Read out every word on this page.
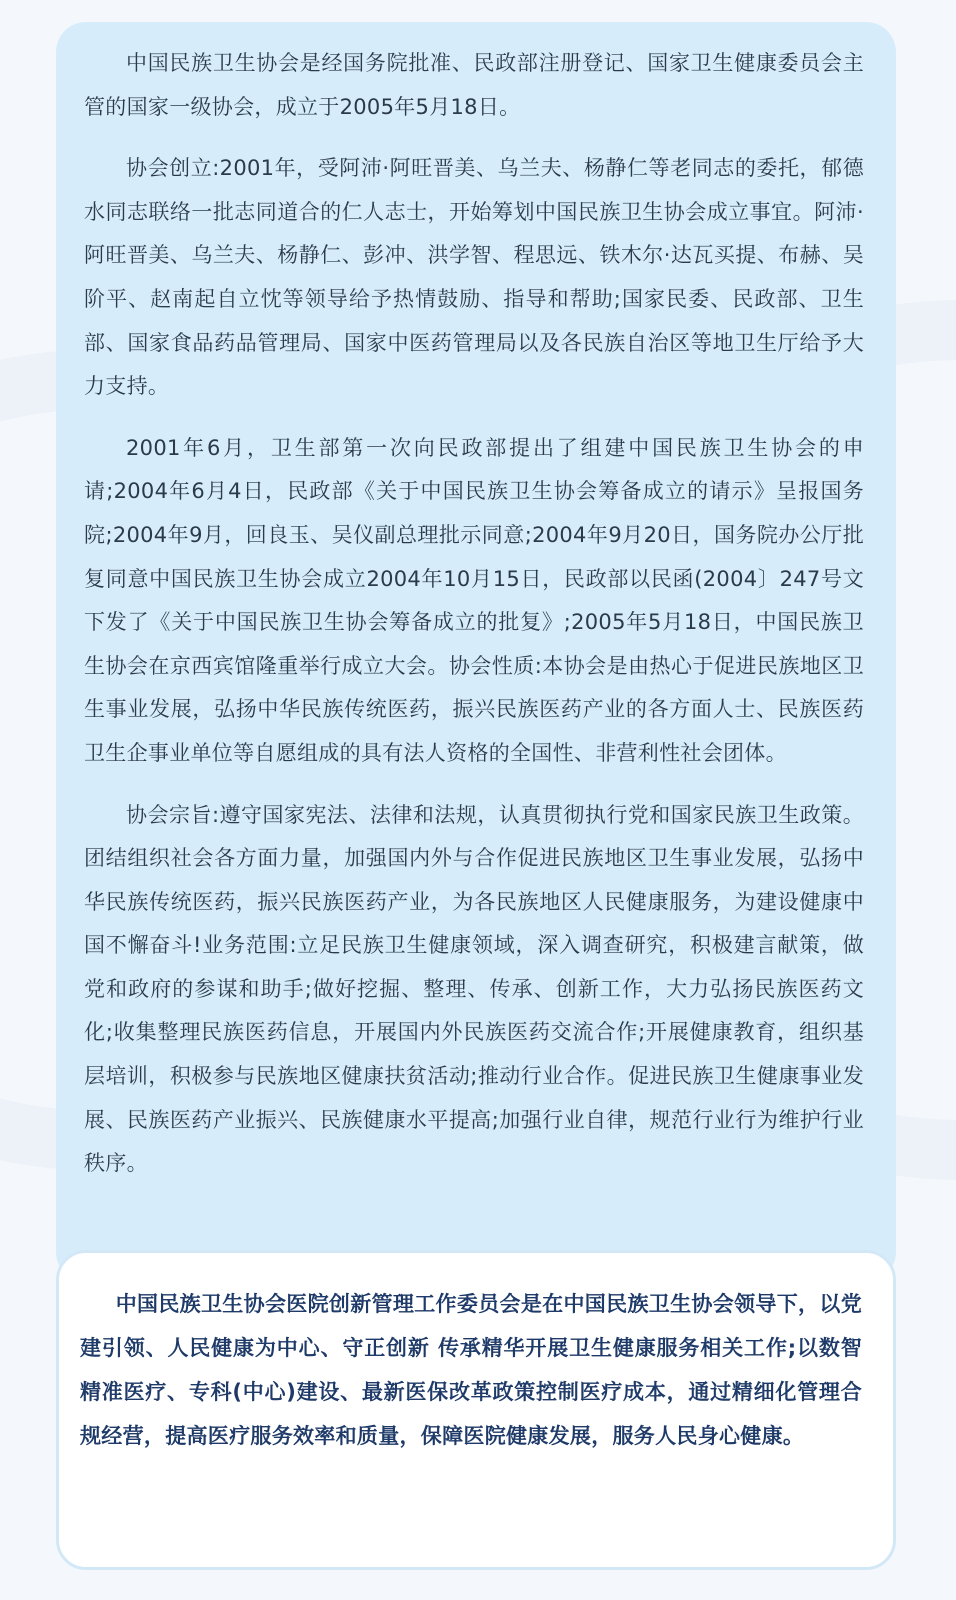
中国民族卫生协会是经国务院批准、民政部注册登记、国家卫生健康委员会主管的国家一级协会，成立于2005年5月18日。

协会创立:2001年，受阿沛·阿旺晋美、乌兰夫、杨静仁等老同志的委托，郁德水同志联络一批志同道合的仁人志士，开始筹划中国民族卫生协会成立事宜。阿沛·阿旺晋美、乌兰夫、杨静仁、彭冲、洪学智、程思远、铁木尔·达瓦买提、布赫、吴阶平、赵南起自立忱等领导给予热情鼓励、指导和帮助;国家民委、民政部、卫生部、国家食品药品管理局、国家中医药管理局以及各民族自治区等地卫生厅给予大力支持。

2001年6月，卫生部第一次向民政部提出了组建中国民族卫生协会的申请;2004年6月4日，民政部《关于中国民族卫生协会筹备成立的请示》呈报国务院;2004年9月，回良玉、吴仪副总理批示同意;2004年9月20日，国务院办公厅批复同意中国民族卫生协会成立2004年10月15日，民政部以民函(2004〕247号文下发了《关于中国民族卫生协会筹备成立的批复》;2005年5月18日，中国民族卫生协会在京西宾馆隆重举行成立大会。协会性质:本协会是由热心于促进民族地区卫生事业发展，弘扬中华民族传统医药，振兴民族医药产业的各方面人士、民族医药卫生企事业单位等自愿组成的具有法人资格的全国性、非营利性社会团体。

协会宗旨:遵守国家宪法、法律和法规，认真贯彻执行党和国家民族卫生政策。团结组织社会各方面力量，加强国内外与合作促进民族地区卫生事业发展，弘扬中华民族传统医药，振兴民族医药产业，为各民族地区人民健康服务，为建设健康中国不懈奋斗!业务范围:立足民族卫生健康领域，深入调查研究，积极建言献策，做党和政府的参谋和助手;做好挖掘、整理、传承、创新工作，大力弘扬民族医药文化;收集整理民族医药信息，开展国内外民族医药交流合作;开展健康教育，组织基层培训，积极参与民族地区健康扶贫活动;推动行业合作。促进民族卫生健康事业发展、民族医药产业振兴、民族健康水平提高;加强行业自律，规范行业行为维护行业秩序。

中国民族卫生协会医院创新管理工作委员会是在中国民族卫生协会领导下，以党建引领、人民健康为中心、守正创新 传承精华开展卫生健康服务相关工作;以数智精准医疗、专科(中心)建设、最新医保改革政策控制医疗成本，通过精细化管理合规经营，提高医疗服务效率和质量，保障医院健康发展，服务人民身心健康。
